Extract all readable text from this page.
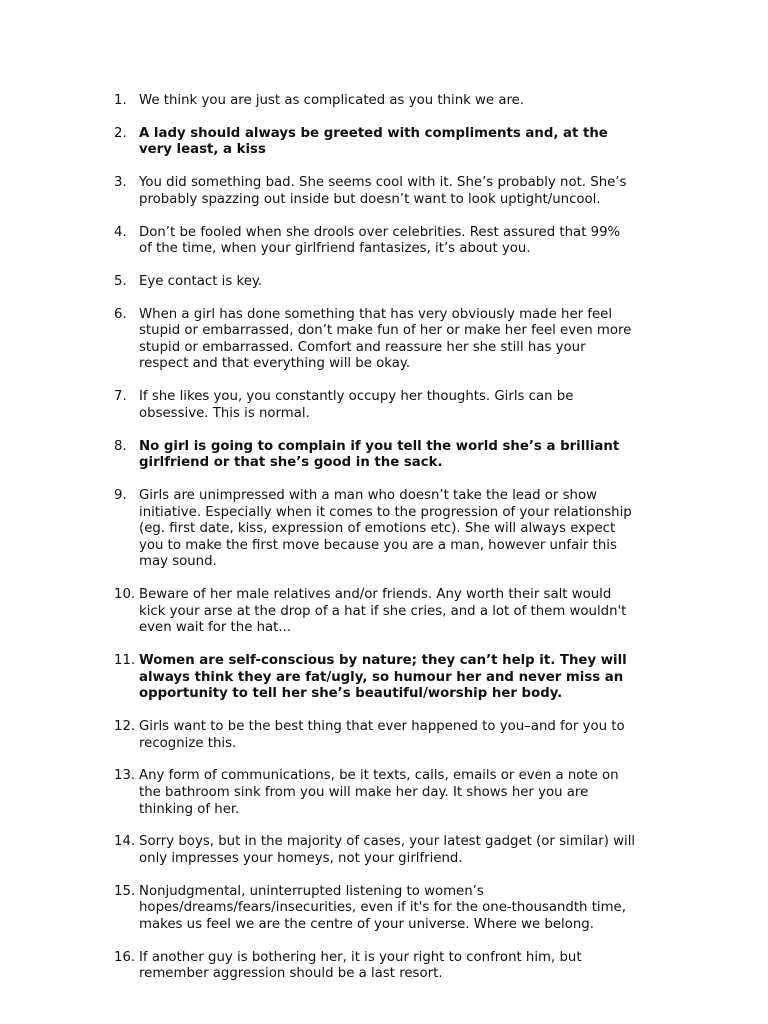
1. We think you are just as complicated as you think we are.
2. A lady should always be greeted with compliments and, at the
very least, a kiss
3. You did something bad. She seems cool with it. She’s probably not. She’s
probably spazzing out inside but doesn’t want to look uptight/uncool.
4. Don’t be fooled when she drools over celebrities. Rest assured that 99%
of the time, when your girlfriend fantasizes, it’s about you.
5. Eye contact is key.
6. When a girl has done something that has very obviously made her feel
stupid or embarrassed, don’t make fun of her or make her feel even more
stupid or embarrassed. Comfort and reassure her she still has your
respect and that everything will be okay.
7. If she likes you, you constantly occupy her thoughts. Girls can be
obsessive. This is normal.
8. No girl is going to complain if you tell the world she’s a brilliant
girlfriend or that she’s good in the sack.
9. Girls are unimpressed with a man who doesn’t take the lead or show
initiative. Especially when it comes to the progression of your relationship
(eg. first date, kiss, expression of emotions etc). She will always expect
you to make the first move because you are a man, however unfair this
may sound.
10. Beware of her male relatives and/or friends. Any worth their salt would
kick your arse at the drop of a hat if she cries, and a lot of them wouldn't
even wait for the hat...
11. Women are self-conscious by nature; they can’t help it. They will
always think they are fat/ugly, so humour her and never miss an
opportunity to tell her she’s beautiful/worship her body.
12. Girls want to be the best thing that ever happened to you–and for you to
recognize this.
13. Any form of communications, be it texts, calls, emails or even a note on
the bathroom sink from you will make her day. It shows her you are
thinking of her.
14. Sorry boys, but in the majority of cases, your latest gadget (or similar) will
only impresses your homeys, not your girlfriend.
15. Nonjudgmental, uninterrupted listening to women’s
hopes/dreams/fears/insecurities, even if it's for the one-thousandth time,
makes us feel we are the centre of your universe. Where we belong.
16. If another guy is bothering her, it is your right to confront him, but
remember aggression should be a last resort.
